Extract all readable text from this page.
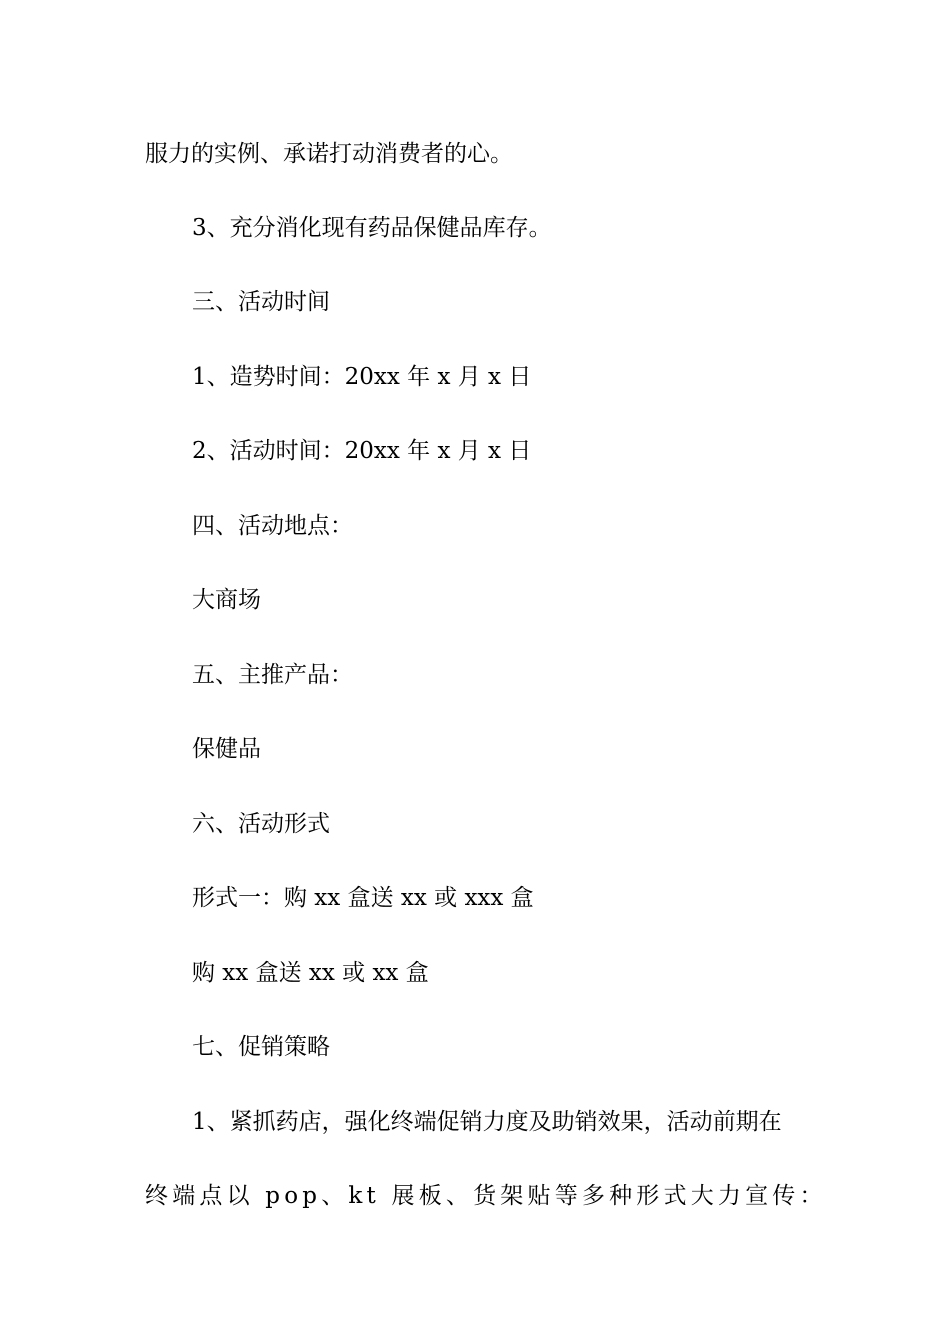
服力的实例、承诺打动消费者的心。
3、充分消化现有药品保健品库存。
三、活动时间
1、造势时间：20xx 年 x 月 x 日
2、活动时间：20xx 年 x 月 x 日
四、活动地点：
大商场
五、主推产品：
保健品
六、活动形式
形式一：购 xx 盒送 xx 或 xxx 盒
购 xx 盒送 xx 或 xx 盒
七、促销策略
1、紧抓药店，强化终端促销力度及助销效果，活动前期在
终端点以 pop、kt 展板、货架贴等多种形式大力宣传：
